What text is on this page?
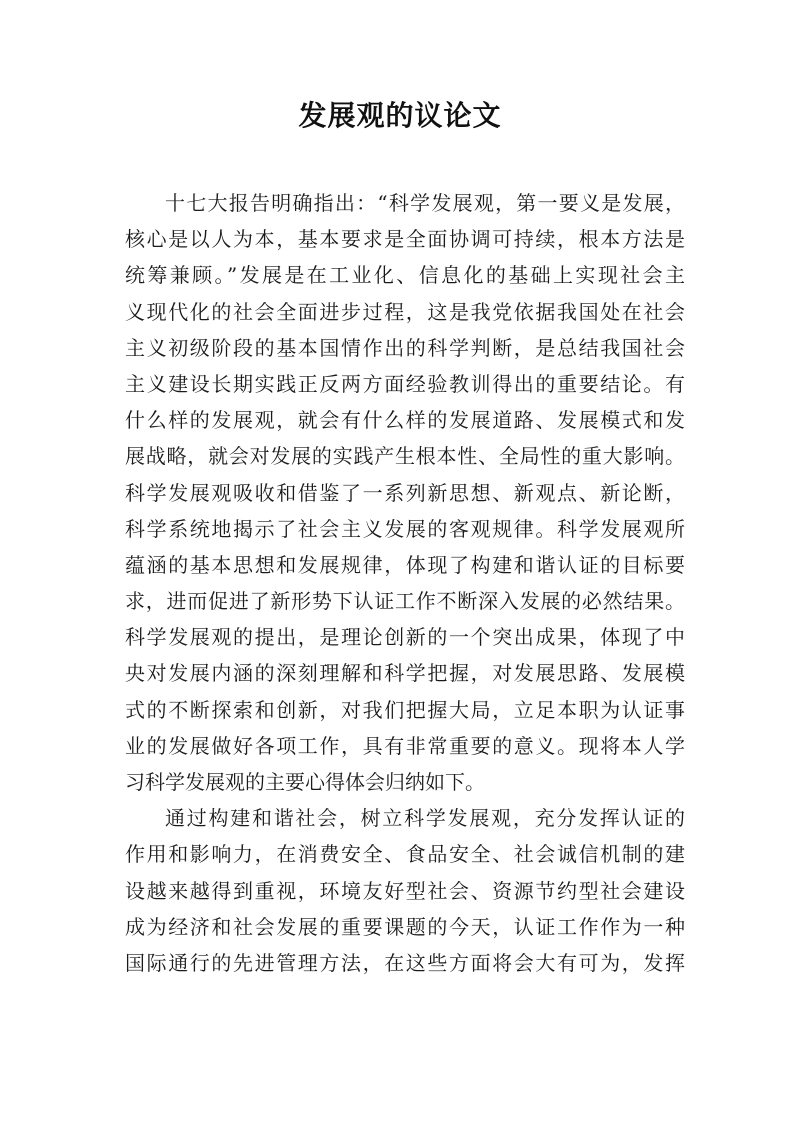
发展观的议论文
十七大报告明确指出：“科学发展观，第一要义是发展，
核心是以人为本，基本要求是全面协调可持续，根本方法是
统筹兼顾。”发展是在工业化、信息化的基础上实现社会主
义现代化的社会全面进步过程，这是我党依据我国处在社会
主义初级阶段的基本国情作出的科学判断，是总结我国社会
主义建设长期实践正反两方面经验教训得出的重要结论。有
什么样的发展观，就会有什么样的发展道路、发展模式和发
展战略，就会对发展的实践产生根本性、全局性的重大影响。
科学发展观吸收和借鉴了一系列新思想、新观点、新论断，
科学系统地揭示了社会主义发展的客观规律。科学发展观所
蕴涵的基本思想和发展规律，体现了构建和谐认证的目标要
求，进而促进了新形势下认证工作不断深入发展的必然结果。
科学发展观的提出，是理论创新的一个突出成果，体现了中
央对发展内涵的深刻理解和科学把握，对发展思路、发展模
式的不断探索和创新，对我们把握大局，立足本职为认证事
业的发展做好各项工作，具有非常重要的意义。现将本人学
习科学发展观的主要心得体会归纳如下。
通过构建和谐社会，树立科学发展观，充分发挥认证的
作用和影响力，在消费安全、食品安全、社会诚信机制的建
设越来越得到重视，环境友好型社会、资源节约型社会建设
成为经济和社会发展的重要课题的今天，认证工作作为一种
国际通行的先进管理方法，在这些方面将会大有可为，发挥
